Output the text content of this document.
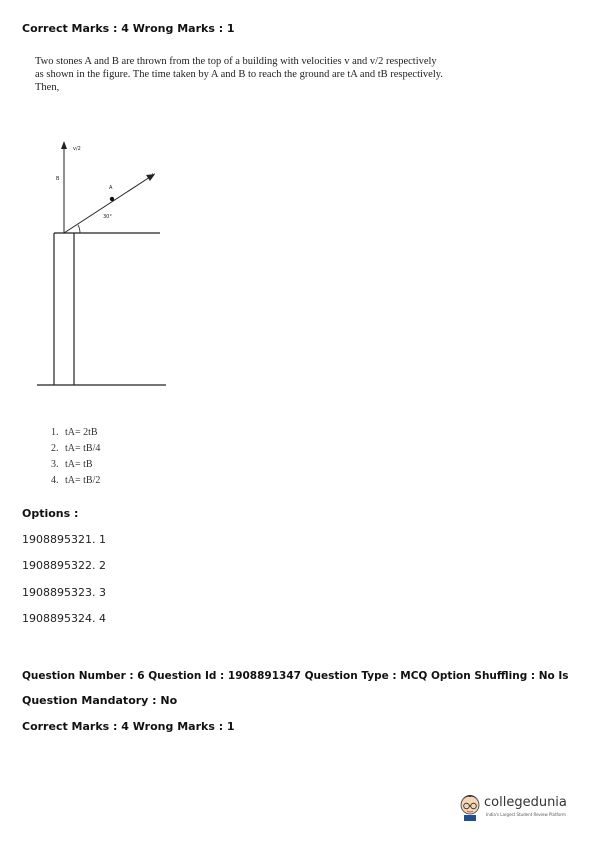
Correct Marks : 4 Wrong Marks : 1
Two stones A and B are thrown from the top of a building with velocities v and v/2 respectively
as shown in the figure. The time taken by A and B to reach the ground are tA and tB respectively.
Then,
v/2
B
A
v
30°
1. tA= 2tB
2. tA= tB/4
3. tA= tB
4. tA= tB/2
Options :
1908895321. 1
1908895322. 2
1908895323. 3
1908895324. 4
Question Number : 6 Question Id : 1908891347 Question Type : MCQ Option Shuffling : No Is
Question Mandatory : No
Correct Marks : 4 Wrong Marks : 1
collegedunia
India's Largest Student Review Platform
